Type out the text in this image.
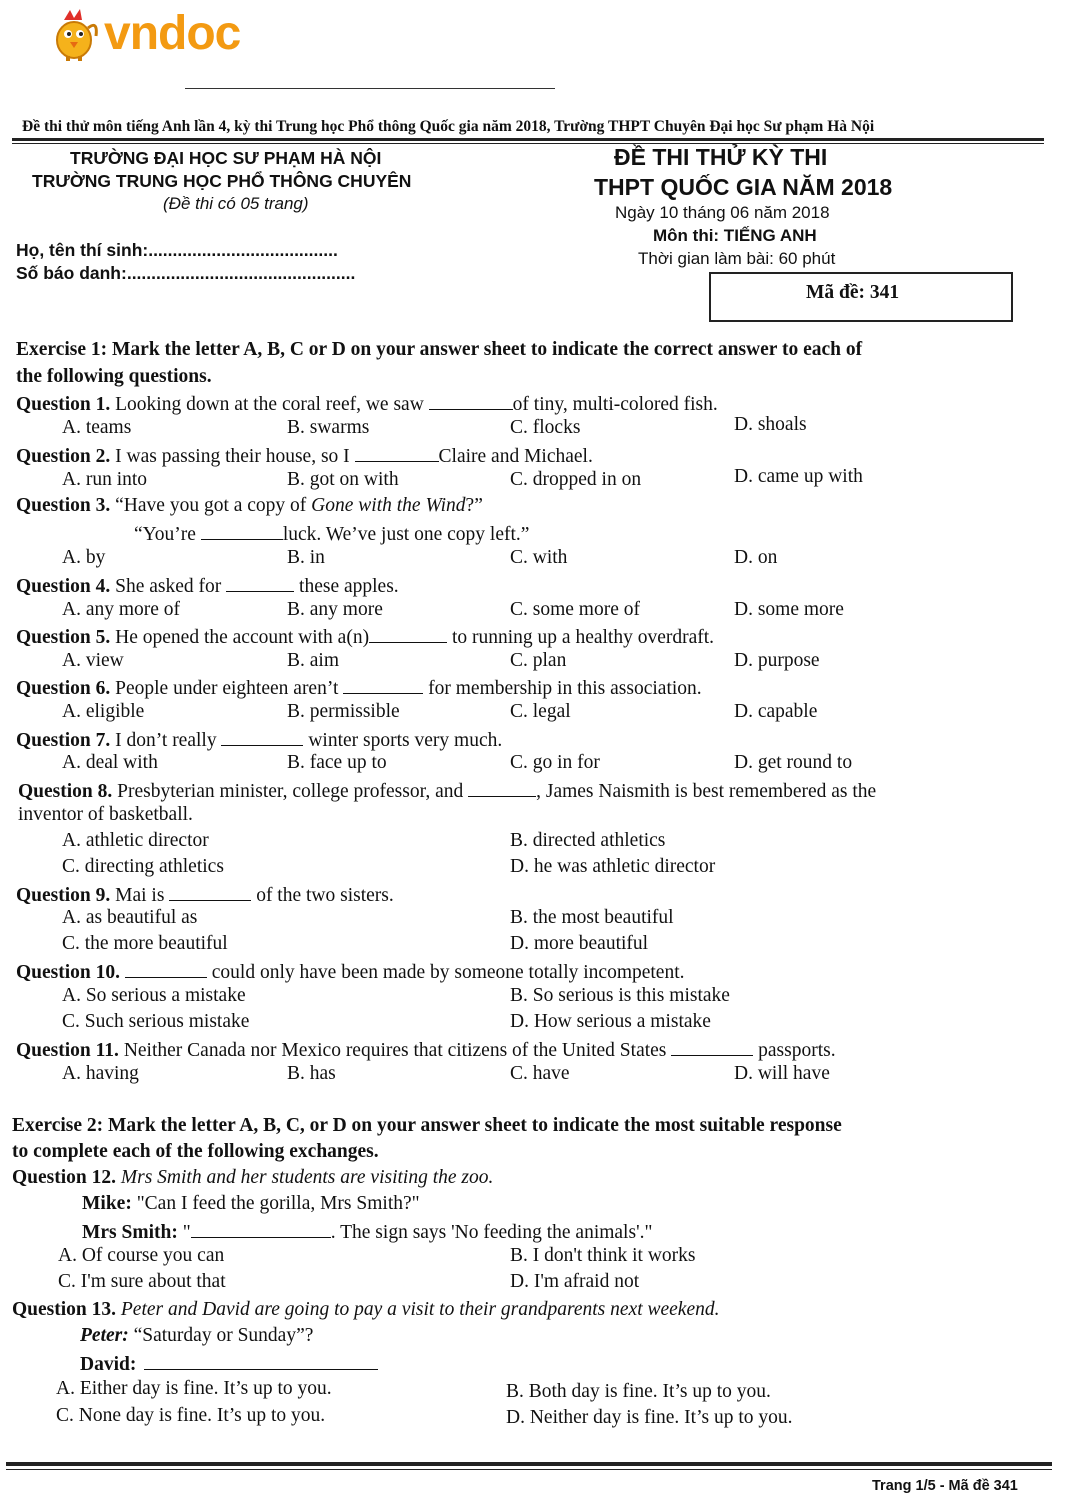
vndoc
Đề thi thử môn tiếng Anh lần 4, kỳ thi Trung học Phổ thông Quốc gia năm 2018, Trường THPT Chuyên Đại học Sư phạm Hà Nội
TRƯỜNG ĐẠI HỌC SƯ PHẠM HÀ NỘI
TRƯỜNG TRUNG HỌC PHỔ THÔNG CHUYÊN
(Đề thi có 05 trang)
Họ, tên thí sinh:.......................................
Số báo danh:...............................................
ĐỀ THI THỬ KỲ THI
THPT QUỐC GIA NĂM 2018
Ngày 10 tháng 06 năm 2018
Môn thi: TIẾNG ANH
Thời gian làm bài: 60 phút
Mã đề: 341
Exercise 1: Mark the letter A, B, C or D on your answer sheet to indicate the correct answer to each of
the following questions.
Question 1. Looking down at the coral reef, we saw	of tiny, multi-colored fish.
A. teams	B. swarms	C. flocks	D. shoals
Question 2. I was passing their house, so I	Claire and Michael.
A. run into	B. got on with	C. dropped in on	D. came up with
Question 3. “Have you got a copy of Gone with the Wind?”
“You’re	luck. We’ve just one copy left.”
A. by	B. in	C. with	D. on
Question 4. She asked for	these apples.
A. any more of	B. any more	C. some more of	D. some more
Question 5. He opened the account with a(n)	to running up a healthy overdraft.
A. view	B. aim	C. plan	D. purpose
Question 6. People under eighteen aren’t	for membership in this association.
A. eligible	B. permissible	C. legal	D. capable
Question 7. I don’t really	winter sports very much.
A. deal with	B. face up to	C. go in for	D. get round to
Question 8. Presbyterian minister, college professor, and	, James Naismith is best remembered as the
inventor of basketball.
A. athletic director	B. directed athletics
C. directing athletics	D. he was athletic director
Question 9. Mai is	of the two sisters.
A. as beautiful as	B. the most beautiful
C. the more beautiful	D. more beautiful
Question 10.	could only have been made by someone totally incompetent.
A. So serious a mistake	B. So serious is this mistake
C. Such serious mistake	D. How serious a mistake
Question 11. Neither Canada nor Mexico requires that citizens of the United States	passports.
A. having	B. has	C. have	D. will have
Exercise 2: Mark the letter A, B, C, or D on your answer sheet to indicate the most suitable response
to complete each of the following exchanges.
Question 12. Mrs Smith and her students are visiting the zoo.
Mike: "Can I feed the gorilla, Mrs Smith?"
Mrs Smith: "	. The sign says 'No feeding the animals'."
A. Of course you can	B. I don't think it works
C. I'm sure about that	D. I'm afraid not
Question 13. Peter and David are going to pay a visit to their grandparents next weekend.
Peter: “Saturday or Sunday”?
David:
A. Either day is fine. It’s up to you.	B. Both day is fine. It’s up to you.
C. None day is fine. It’s up to you.	D. Neither day is fine. It’s up to you.
Trang 1/5 - Mã đề 341
